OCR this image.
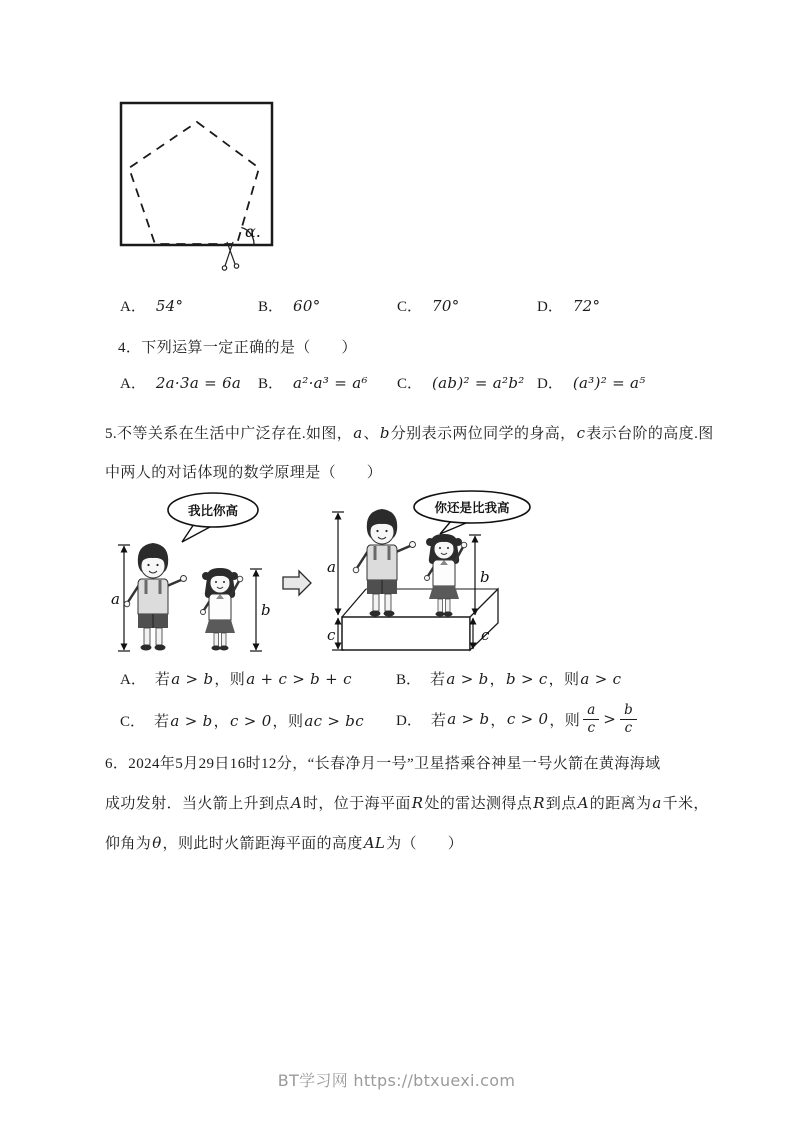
α.
A． 54°	B． 60°	C． 70°	D． 72°
4．下列运算一定正确的是（　　）
A． 2a·3a = 6a B． a²·a³ = a⁶ C． (ab)² = a²b² D． (a³)² = a⁵
5.不等关系在生活中广泛存在.如图，a、b分别表示两位同学的身高，c表示台阶的高度.图
中两人的对话体现的数学原理是（　　）
a
我比你高
b
a
c
你还是比我高
b
c
A． 若a > b，则a + c > b + c	B． 若a > b，b > c，则a > c
C． 若a > b，c > 0，则ac > bc D． 若 a > b ， c > 0 ，则 $\frac{a}{c} > \frac{b}{c}$
6．2024年5月29日16时12分，“长春净月一号”卫星搭乘谷神星一号火箭在黄海海域
成功发射．当火箭上升到点A时，位于海平面R处的雷达测得点R到点A的距离为a千米，
仰角为θ，则此时火箭距海平面的高度AL为（　　）
BT学习网 https://btxuexi.com
